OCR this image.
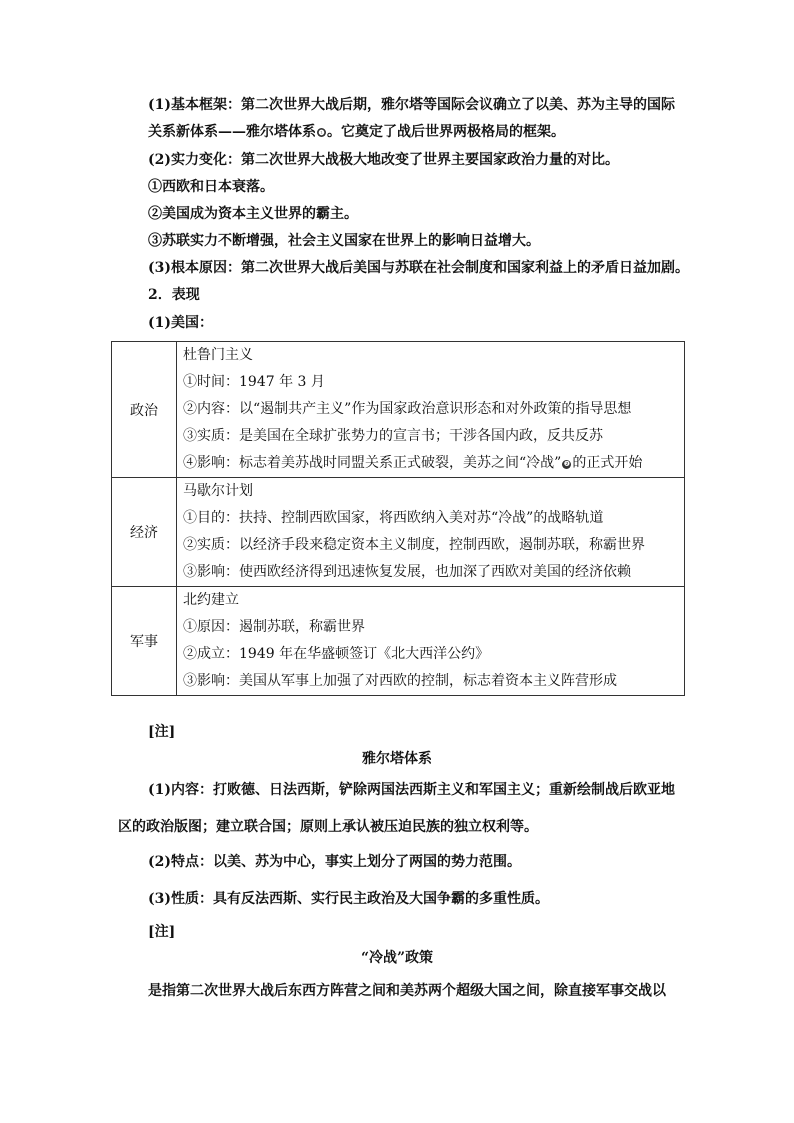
(1)基本框架：第二次世界大战后期，雅尔塔等国际会议确立了以美、苏为主导的国际
关系新体系——雅尔塔体系 ❶ 。它奠定了战后世界两极格局的框架。
(2)实力变化：第二次世界大战极大地改变了世界主要国家政治力量的对比。
①西欧和日本衰落。
②美国成为资本主义世界的霸主。
③苏联实力不断增强，社会主义国家在世界上的影响日益增大。
(3)根本原因：第二次世界大战后美国与苏联在社会制度和国家利益上的矛盾日益加剧。
2．表现
(1)美国：
政治	杜鲁门主义
①时间：1947 年 3 月
②内容：以“遏制共产主义”作为国家政治意识形态和对外政策的指导思想
③实质：是美国在全球扩张势力的宣言书；干涉各国内政，反共反苏
④影响：标志着美苏战时同盟关系正式破裂，美苏之间“冷战” ❷ 的正式开始

经济	马歇尔计划
①目的：扶持、控制西欧国家，将西欧纳入美对苏“冷战”的战略轨道
②实质：以经济手段来稳定资本主义制度，控制西欧，遏制苏联，称霸世界
③影响：使西欧经济得到迅速恢复发展，也加深了西欧对美国的经济依赖

军事	北约建立
①原因：遏制苏联，称霸世界
②成立：1949 年在华盛顿签订《北大西洋公约》
③影响：美国从军事上加强了对西欧的控制，标志着资本主义阵营形成
[注]
雅尔塔体系
(1)内容：打败德、日法西斯，铲除两国法西斯主义和军国主义；重新绘制战后欧亚地
区的政治版图；建立联合国；原则上承认被压迫民族的独立权利等。
(2)特点：以美、苏为中心，事实上划分了两国的势力范围。
(3)性质：具有反法西斯、实行民主政治及大国争霸的多重性质。
[注]
“冷战”政策
是指第二次世界大战后东西方阵营之间和美苏两个超级大国之间，除直接军事交战以
